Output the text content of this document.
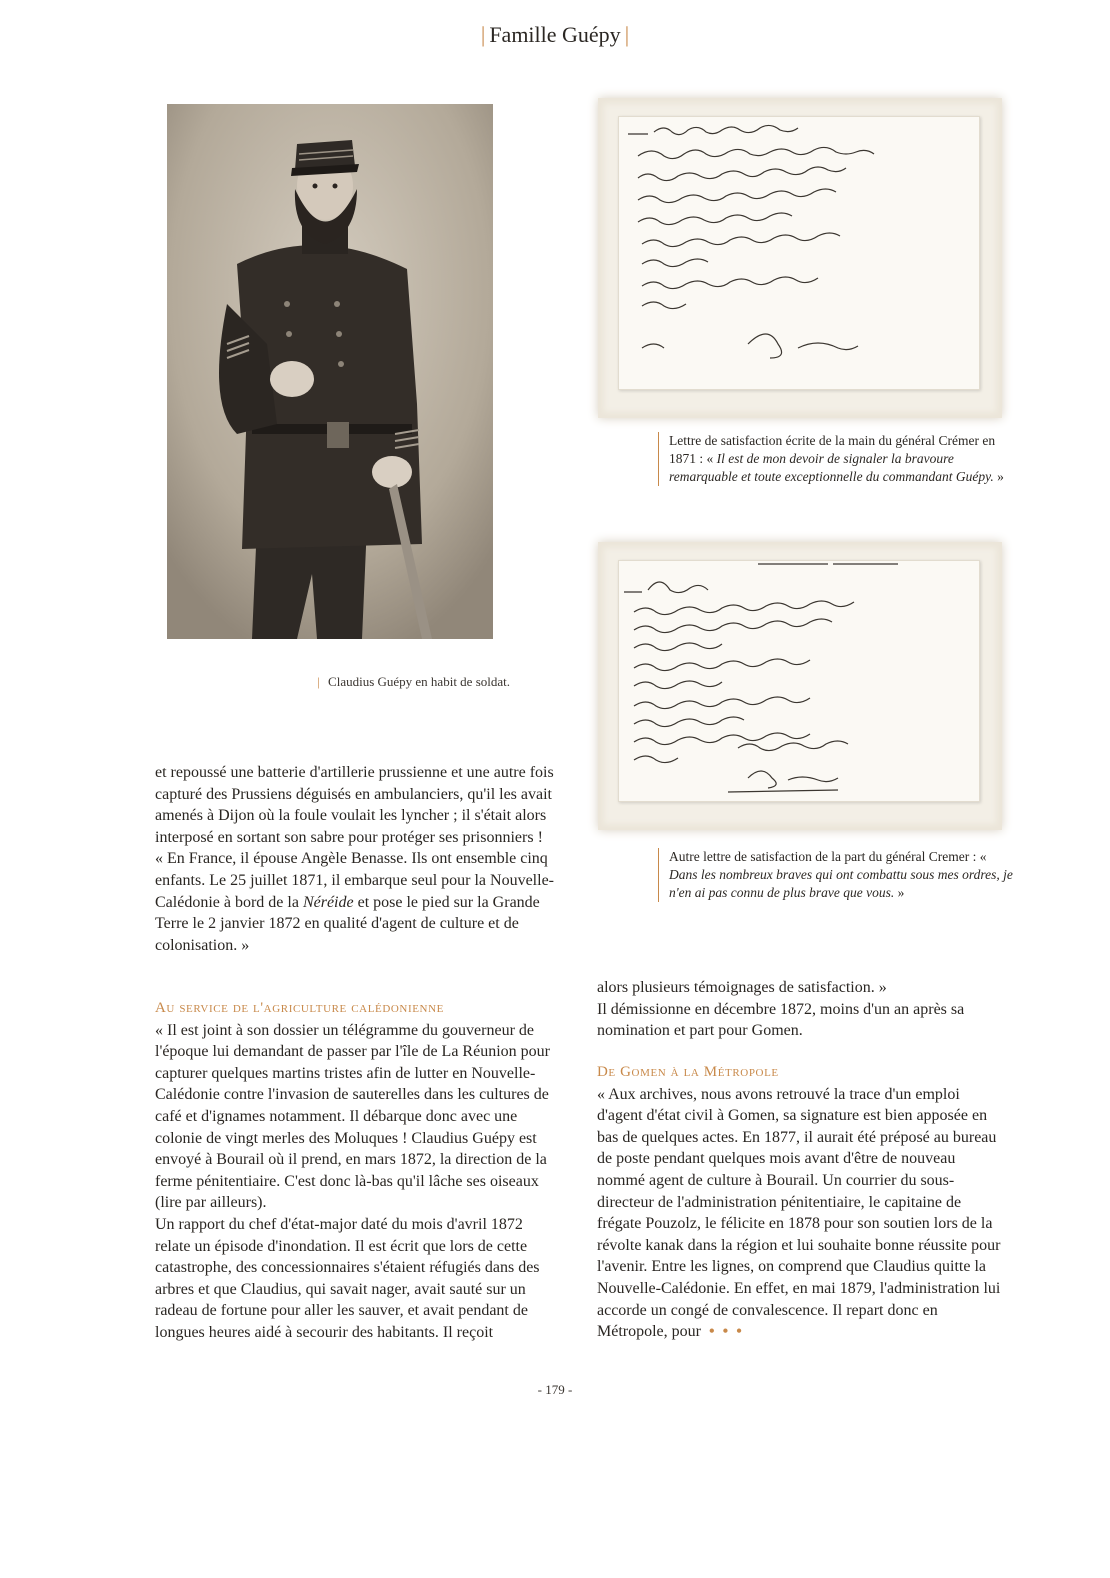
| Famille Guépy |
| Claudius Guépy en habit de soldat.
Lettre de satisfaction écrite de la main du général Crémer en 1871 : « Il est de mon devoir de signaler la bravoure remarquable et toute exceptionnelle du commandant Guépy. »
Autre lettre de satisfaction de la part du général Cremer : « Dans les nombreux braves qui ont combattu sous mes ordres, je n'en ai pas connu de plus brave que vous. »

et repoussé une batterie d'artillerie prussienne et une autre fois capturé des Prussiens déguisés en ambulanciers, qu'il les avait amenés à Dijon où la foule voulait les lyncher ; il s'était alors interposé en sortant son sabre pour protéger ses prisonniers !

« En France, il épouse Angèle Benasse. Ils ont ensemble cinq enfants. Le 25 juillet 1871, il embarque seul pour la Nouvelle-Calédonie à bord de la Néréide et pose le pied sur la Grande Terre le 2 janvier 1872 en qualité d'agent de culture et de colonisation. »

Au service de l'agriculture calédonienne

« Il est joint à son dossier un télégramme du gouverneur de l'époque lui demandant de passer par l'île de La Réunion pour capturer quelques martins tristes afin de lutter en Nouvelle-Calédonie contre l'invasion de sauterelles dans les cultures de café et d'ignames notamment. Il débarque donc avec une colonie de vingt merles des Moluques ! Claudius Guépy est envoyé à Bourail où il prend, en mars 1872, la direction de la ferme pénitentiaire. C'est donc là-bas qu'il lâche ses oiseaux (lire par ailleurs).

Un rapport du chef d'état-major daté du mois d'avril 1872 relate un épisode d'inondation. Il est écrit que lors de cette catastrophe, des concessionnaires s'étaient réfugiés dans des arbres et que Claudius, qui savait nager, avait sauté sur un radeau de fortune pour aller les sauver, et avait pendant de longues heures aidé à secourir des habitants. Il reçoit

alors plusieurs témoignages de satisfaction. »

Il démissionne en décembre 1872, moins d'un an après sa nomination et part pour Gomen.

De Gomen à la Métropole

« Aux archives, nous avons retrouvé la trace d'un emploi d'agent d'état civil à Gomen, sa signature est bien apposée en bas de quelques actes. En 1877, il aurait été préposé au bureau de poste pendant quelques mois avant d'être de nouveau nommé agent de culture à Bourail. Un courrier du sous-directeur de l'administration pénitentiaire, le capitaine de frégate Pouzolz, le félicite en 1878 pour son soutien lors de la révolte kanak dans la région et lui souhaite bonne réussite pour l'avenir. Entre les lignes, on comprend que Claudius quitte la Nouvelle-Calédonie. En effet, en mai 1879, l'administration lui accorde un congé de convalescence. Il repart donc en Métropole, pour • • •

- 179 -
